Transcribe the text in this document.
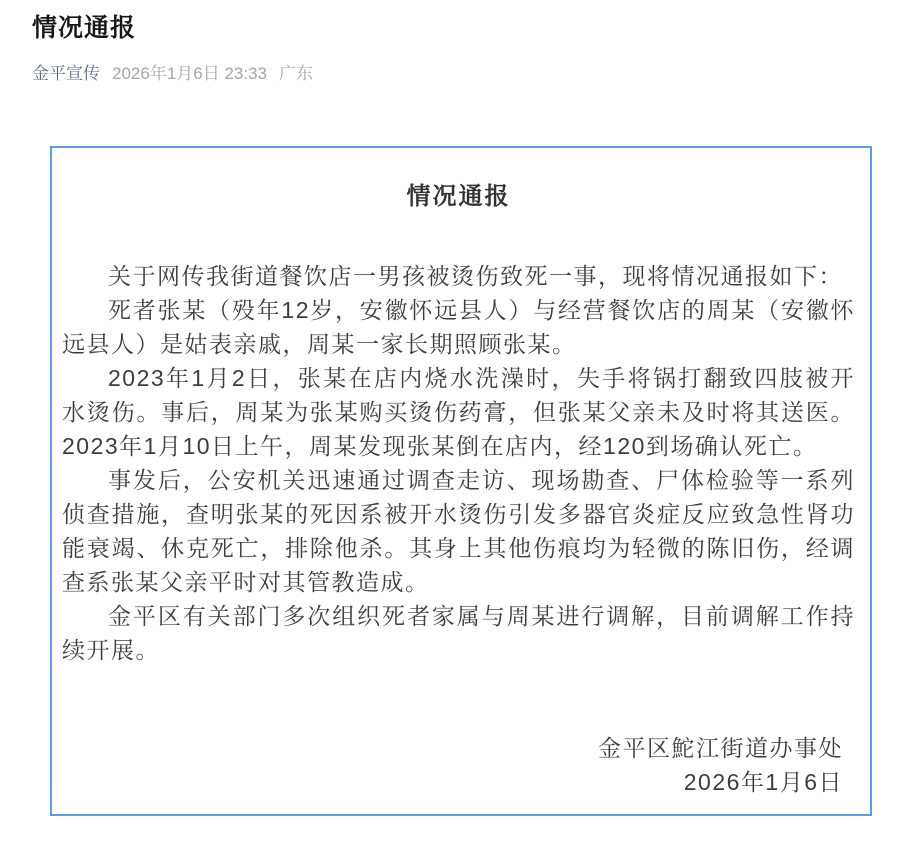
情况通报
金平宣传 2026年1月6日 23:33 广东
情况通报

关于网传我街道餐饮店一男孩被烫伤致死一事，现将情况通报如下：

死者张某（殁年12岁，安徽怀远县人）与经营餐饮店的周某（安徽怀远县人）是姑表亲戚，周某一家长期照顾张某。

2023年1月2日，张某在店内烧水洗澡时，失手将锅打翻致四肢被开水烫伤。事后，周某为张某购买烫伤药膏，但张某父亲未及时将其送医。2023年1月10日上午，周某发现张某倒在店内，经120到场确认死亡。

事发后，公安机关迅速通过调查走访、现场勘查、尸体检验等一系列侦查措施，查明张某的死因系被开水烫伤引发多器官炎症反应致急性肾功能衰竭、休克死亡，排除他杀。其身上其他伤痕均为轻微的陈旧伤，经调查系张某父亲平时对其管教造成。

金平区有关部门多次组织死者家属与周某进行调解，目前调解工作持续开展。

金平区鮀江街道办事处
2026年1月6日
